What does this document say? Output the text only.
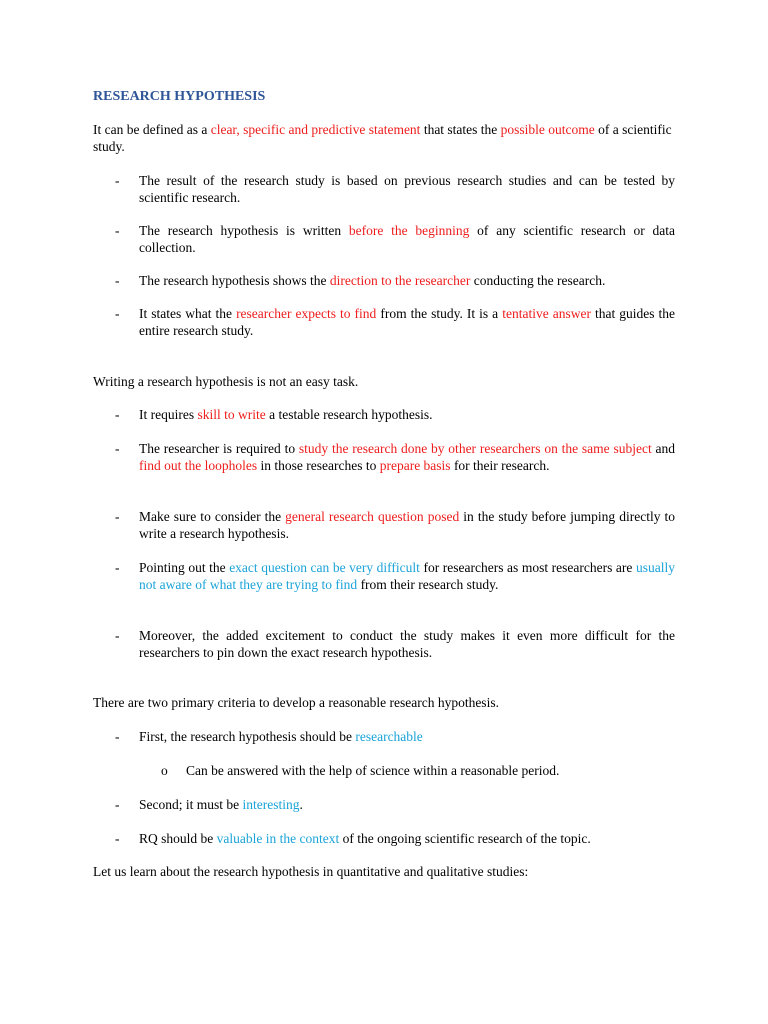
RESEARCH HYPOTHESIS
It can be defined as a clear, specific and predictive statement that states the possible outcome of a scientific study.
- The result of the research study is based on previous research studies and can be tested by scientific research.
- The research hypothesis is written before the beginning of any scientific research or data collection.
- The research hypothesis shows the direction to the researcher conducting the research.
- It states what the researcher expects to find from the study. It is a tentative answer that guides the entire research study.
Writing a research hypothesis is not an easy task.
- It requires skill to write a testable research hypothesis.
- The researcher is required to study the research done by other researchers on the same subject and find out the loopholes in those researches to prepare basis for their research.
- Make sure to consider the general research question posed in the study before jumping directly to write a research hypothesis.
- Pointing out the exact question can be very difficult for researchers as most researchers are usually not aware of what they are trying to find from their research study.
- Moreover, the added excitement to conduct the study makes it even more difficult for the researchers to pin down the exact research hypothesis.
There are two primary criteria to develop a reasonable research hypothesis.
- First, the research hypothesis should be researchable
o Can be answered with the help of science within a reasonable period.
- Second; it must be interesting.
- RQ should be valuable in the context of the ongoing scientific research of the topic.
Let us learn about the research hypothesis in quantitative and qualitative studies:
